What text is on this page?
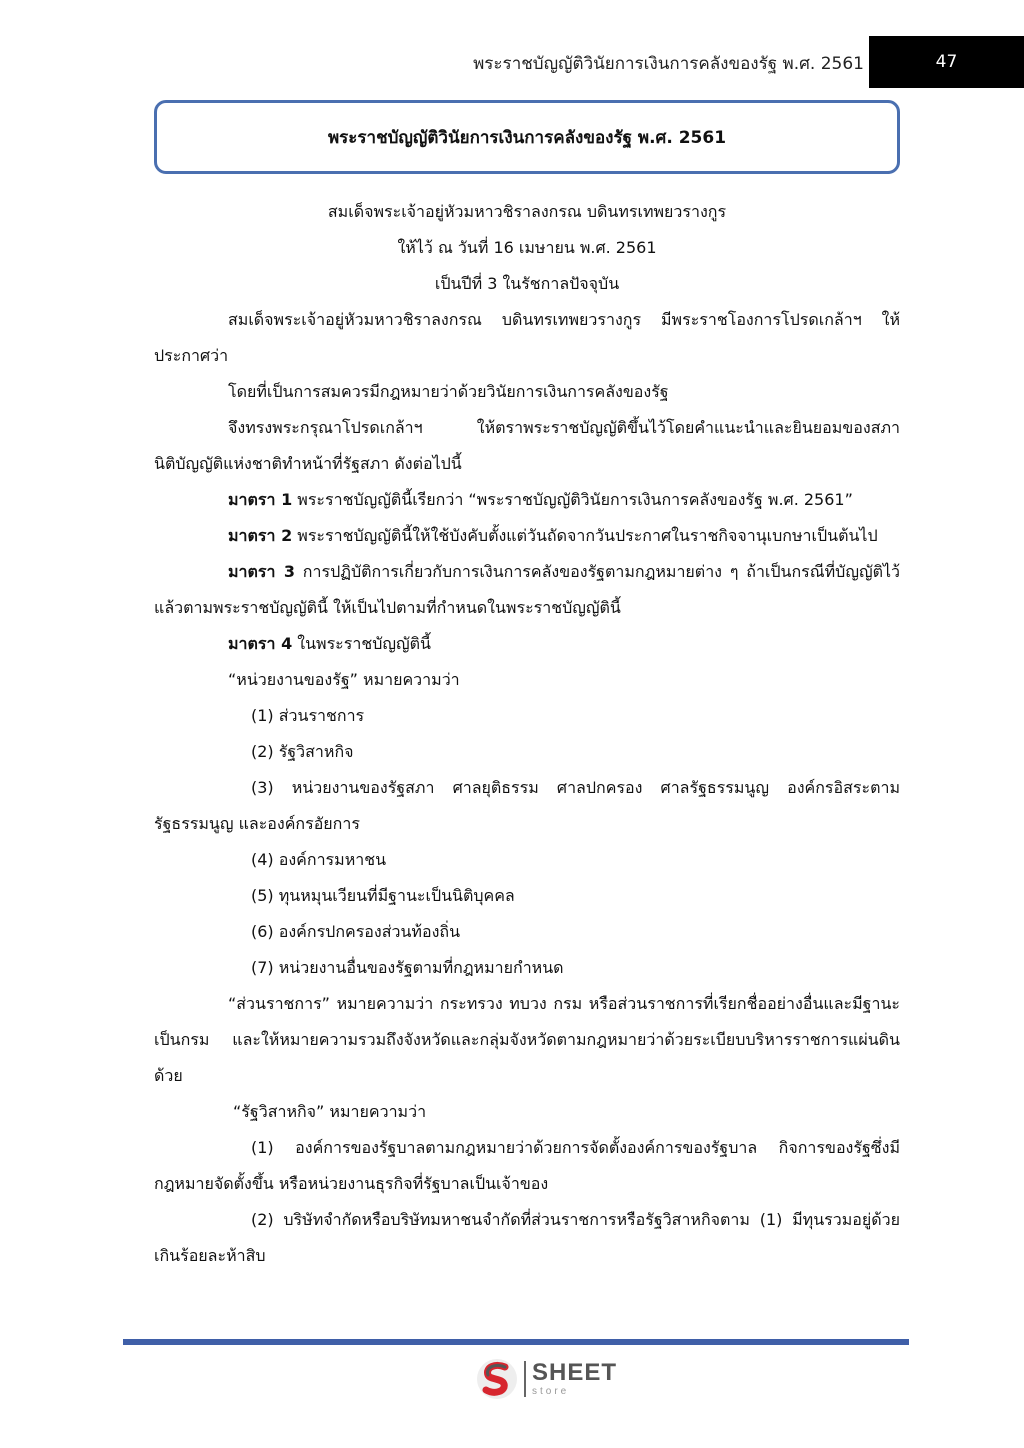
พระราชบัญญัติวินัยการเงินการคลังของรัฐ พ.ศ. 2561	47
พระราชบัญญัติวินัยการเงินการคลังของรัฐ พ.ศ. 2561

สมเด็จพระเจ้าอยู่หัวมหาวชิราลงกรณ บดินทรเทพยวรางกูร

ให้ไว้ ณ วันที่ 16 เมษายน พ.ศ. 2561

เป็นปีที่ 3 ในรัชกาลปัจจุบัน

สมเด็จพระเจ้าอยู่หัวมหาวชิราลงกรณ บดินทรเทพยวรางกูร มีพระราชโองการโปรดเกล้าฯ ให้ประกาศว่า

โดยที่เป็นการสมควรมีกฎหมายว่าด้วยวินัยการเงินการคลังของรัฐ

จึงทรงพระกรุณาโปรดเกล้าฯ ให้ตราพระราชบัญญัติขึ้นไว้โดยคำแนะนำและยินยอมของสภานิติบัญญัติแห่งชาติทำหน้าที่รัฐสภา ดังต่อไปนี้

มาตรา 1 พระราชบัญญัตินี้เรียกว่า “พระราชบัญญัติวินัยการเงินการคลังของรัฐ พ.ศ. 2561”

มาตรา 2 พระราชบัญญัตินี้ให้ใช้บังคับตั้งแต่วันถัดจากวันประกาศในราชกิจจานุเบกษาเป็นต้นไป

มาตรา 3 การปฏิบัติการเกี่ยวกับการเงินการคลังของรัฐตามกฎหมายต่าง ๆ ถ้าเป็นกรณีที่บัญญัติไว้แล้วตามพระราชบัญญัตินี้ ให้เป็นไปตามที่กำหนดในพระราชบัญญัตินี้

มาตรา 4 ในพระราชบัญญัตินี้

“หน่วยงานของรัฐ” หมายความว่า

(1) ส่วนราชการ

(2) รัฐวิสาหกิจ

(3) หน่วยงานของรัฐสภา ศาลยุติธรรม ศาลปกครอง ศาลรัฐธรรมนูญ องค์กรอิสระตามรัฐธรรมนูญ และองค์กรอัยการ

(4) องค์การมหาชน

(5) ทุนหมุนเวียนที่มีฐานะเป็นนิติบุคคล

(6) องค์กรปกครองส่วนท้องถิ่น

(7) หน่วยงานอื่นของรัฐตามที่กฎหมายกำหนด

“ส่วนราชการ” หมายความว่า กระทรวง ทบวง กรม หรือส่วนราชการที่เรียกชื่ออย่างอื่นและมีฐานะเป็นกรม และให้หมายความรวมถึงจังหวัดและกลุ่มจังหวัดตามกฎหมายว่าด้วยระเบียบบริหารราชการแผ่นดินด้วย

“รัฐวิสาหกิจ” หมายความว่า

(1) องค์การของรัฐบาลตามกฎหมายว่าด้วยการจัดตั้งองค์การของรัฐบาล กิจการของรัฐซึ่งมีกฎหมายจัดตั้งขึ้น หรือหน่วยงานธุรกิจที่รัฐบาลเป็นเจ้าของ

(2) บริษัทจำกัดหรือบริษัทมหาชนจำกัดที่ส่วนราชการหรือรัฐวิสาหกิจตาม (1) มีทุนรวมอยู่ด้วยเกินร้อยละห้าสิบ

SHEET
store
